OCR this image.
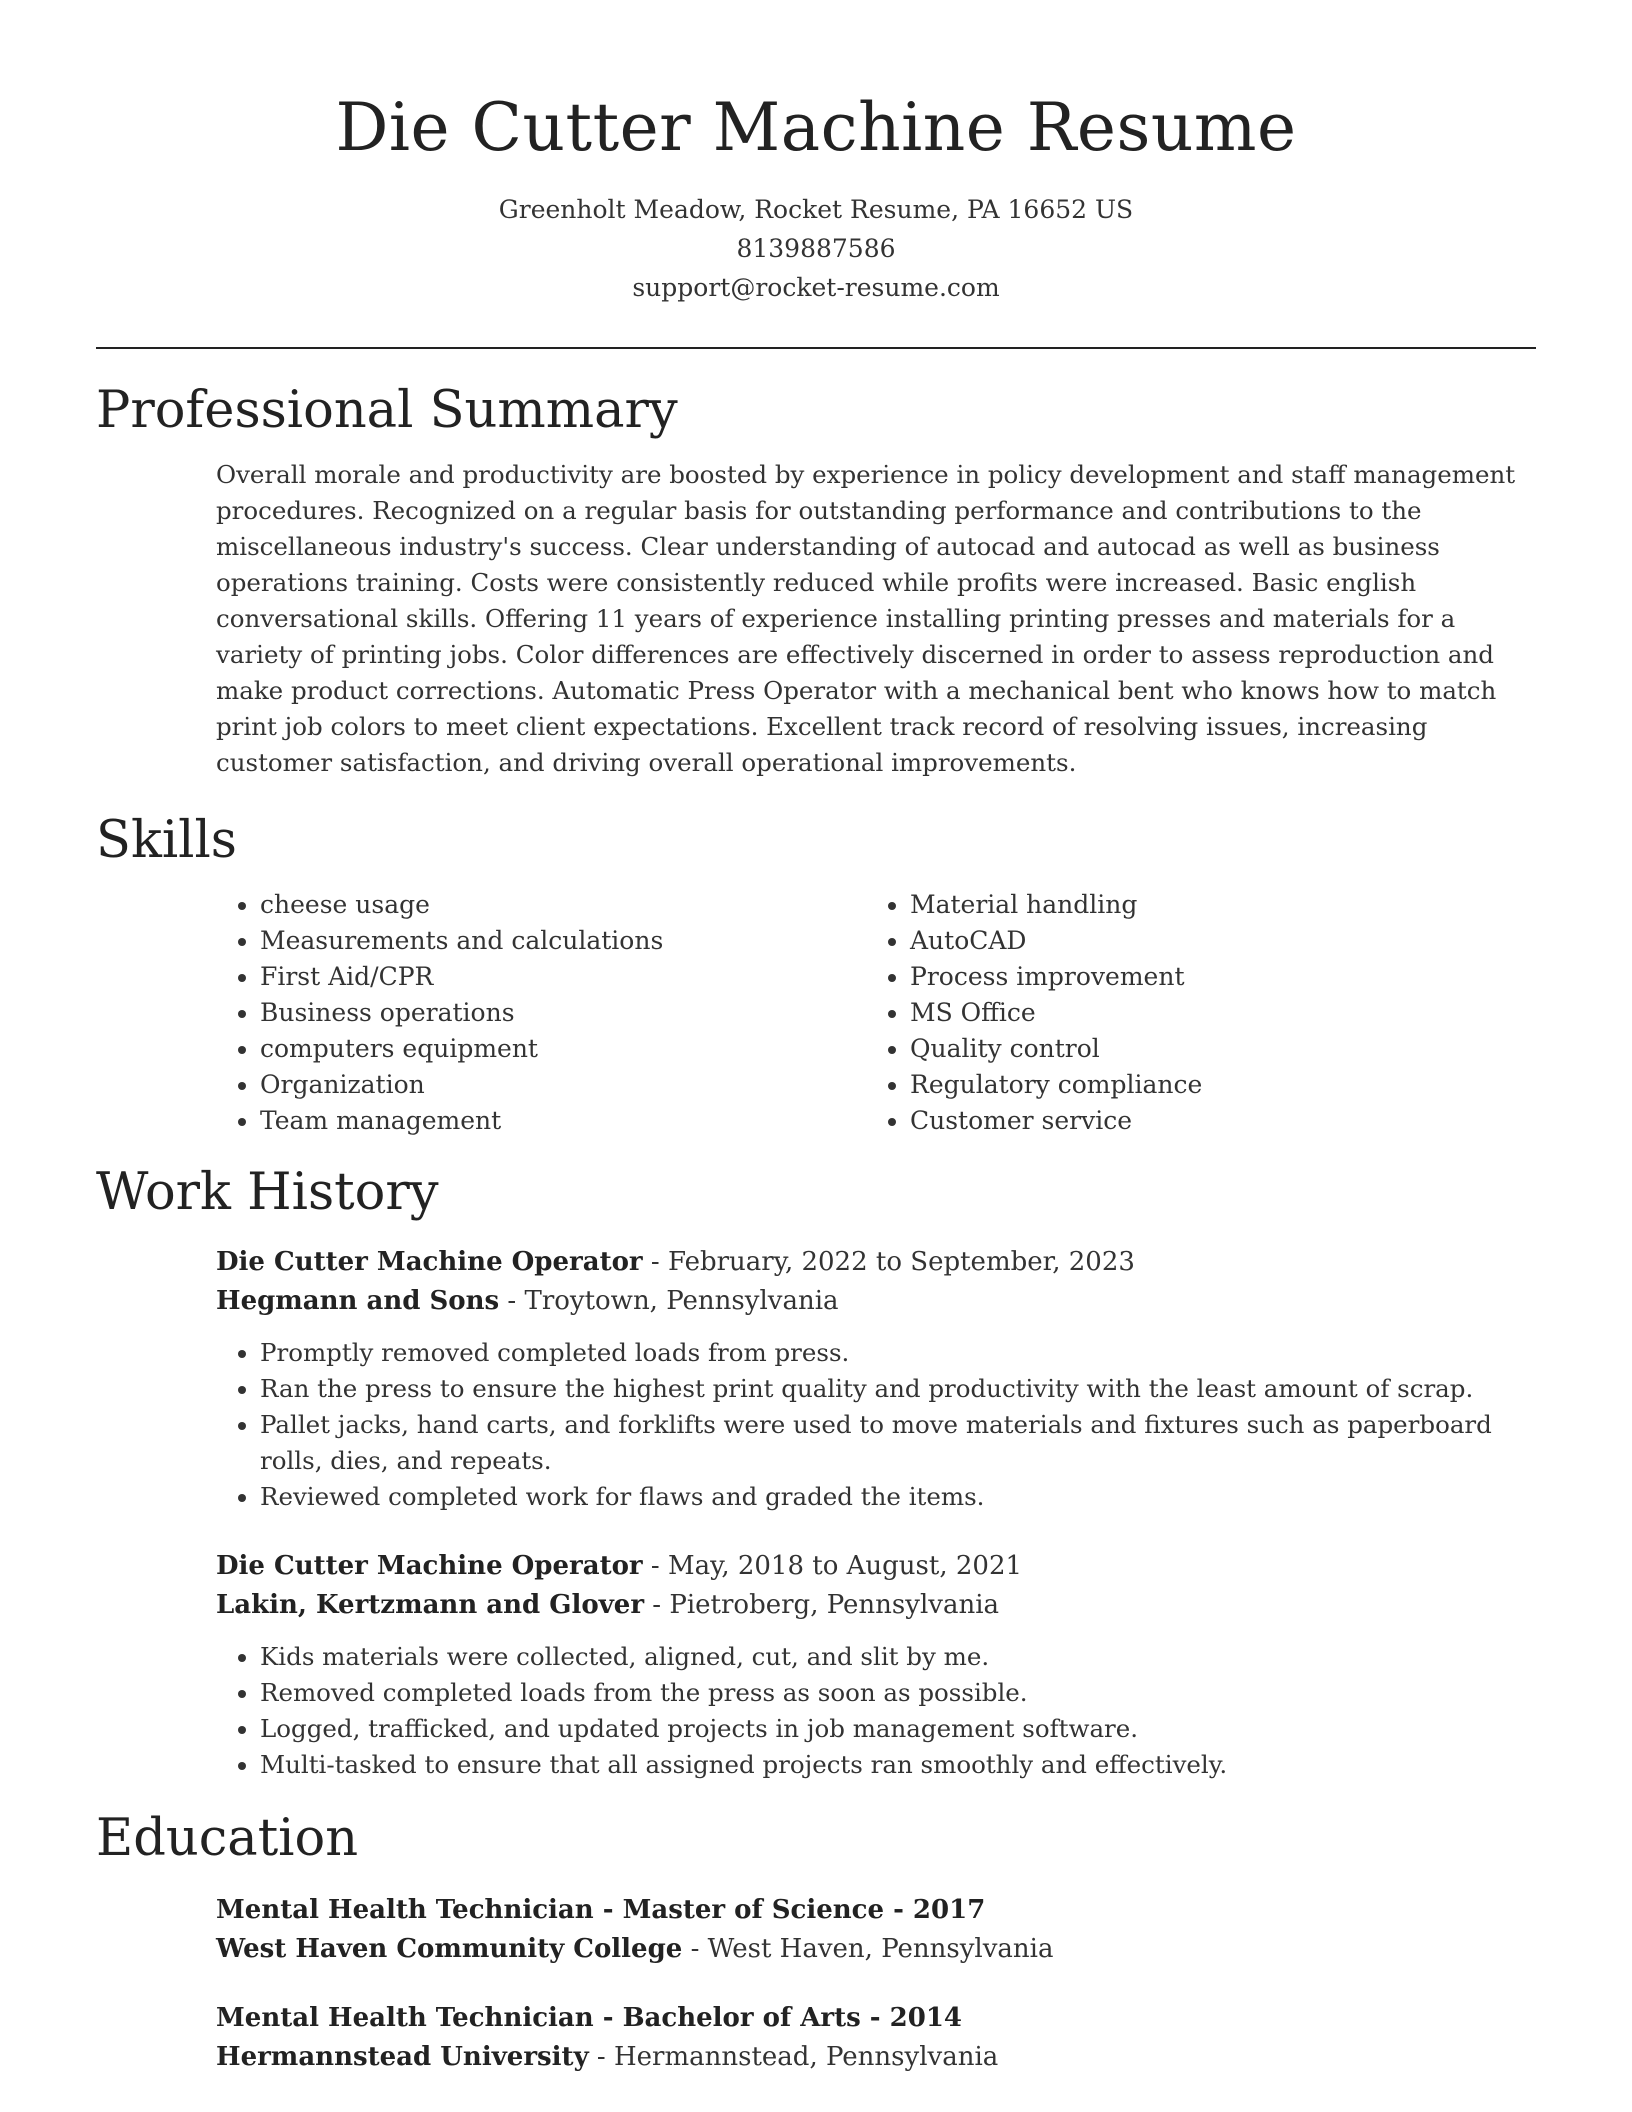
Die Cutter Machine Resume
Greenholt Meadow, Rocket Resume, PA 16652 US
8139887586
support@rocket-resume.com
Professional Summary
Overall morale and productivity are boosted by experience in policy development and staff management procedures. Recognized on a regular basis for outstanding performance and contributions to the miscellaneous industry's success. Clear understanding of autocad and autocad as well as business operations training. Costs were consistently reduced while profits were increased. Basic english conversational skills. Offering 11 years of experience installing printing presses and materials for a variety of printing jobs. Color differences are effectively discerned in order to assess reproduction and make product corrections. Automatic Press Operator with a mechanical bent who knows how to match print job colors to meet client expectations. Excellent track record of resolving issues, increasing customer satisfaction, and driving overall operational improvements.
Skills
• cheese usage
• Measurements and calculations
• First Aid/CPR
• Business operations
• computers equipment
• Organization
• Team management
• Material handling
• AutoCAD
• Process improvement
• MS Office
• Quality control
• Regulatory compliance
• Customer service
Work History
Die Cutter Machine Operator - February, 2022 to September, 2023
Hegmann and Sons - Troytown, Pennsylvania
• Promptly removed completed loads from press.
• Ran the press to ensure the highest print quality and productivity with the least amount of scrap.
• Pallet jacks, hand carts, and forklifts were used to move materials and fixtures such as paperboard rolls, dies, and repeats.
• Reviewed completed work for flaws and graded the items.
Die Cutter Machine Operator - May, 2018 to August, 2021
Lakin, Kertzmann and Glover - Pietroberg, Pennsylvania
• Kids materials were collected, aligned, cut, and slit by me.
• Removed completed loads from the press as soon as possible.
• Logged, trafficked, and updated projects in job management software.
• Multi-tasked to ensure that all assigned projects ran smoothly and effectively.
Education
Mental Health Technician - Master of Science - 2017
West Haven Community College - West Haven, Pennsylvania
Mental Health Technician - Bachelor of Arts - 2014
Hermannstead University - Hermannstead, Pennsylvania
